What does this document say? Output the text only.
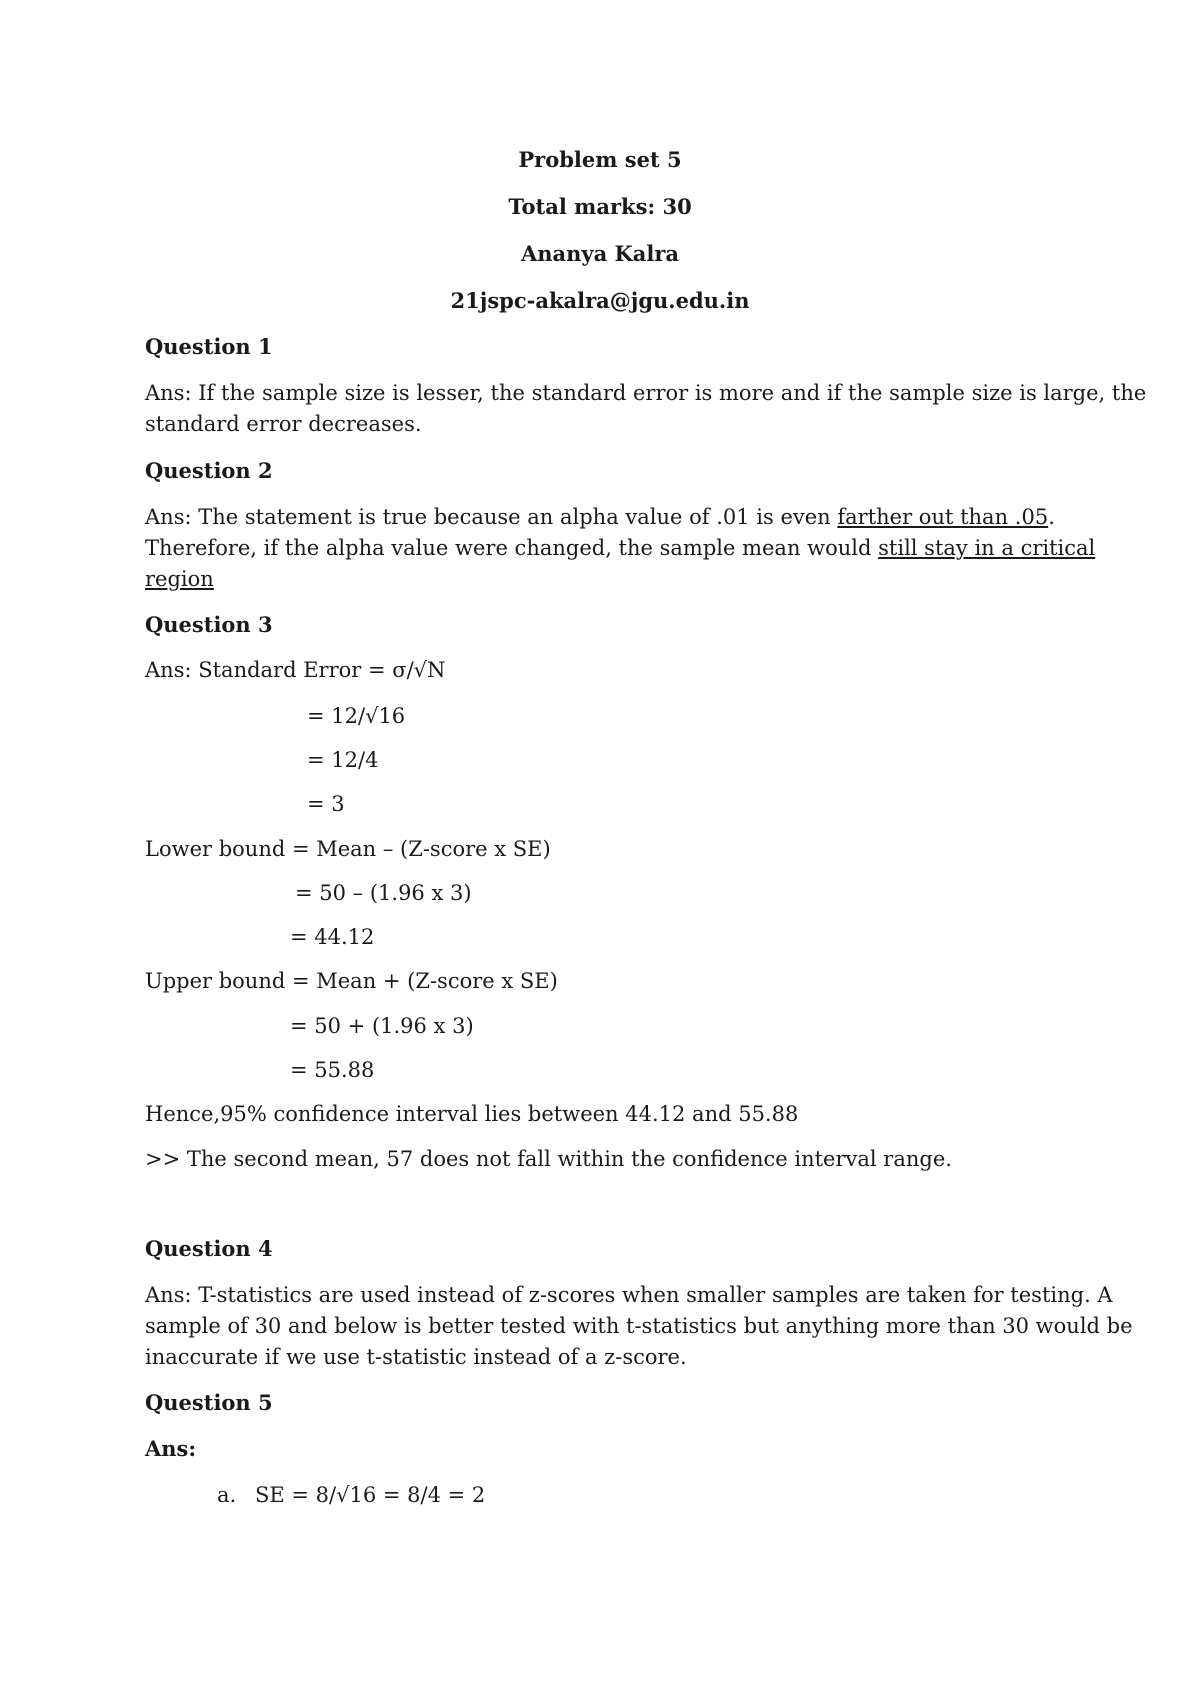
Problem set 5
Total marks: 30
Ananya Kalra
21jspc-akalra@jgu.edu.in
Question 1
Ans: If the sample size is lesser, the standard error is more and if the sample size is large, the
standard error decreases.
Question 2
Ans: The statement is true because an alpha value of .01 is even farther out than .05.
Therefore, if the alpha value were changed, the sample mean would still stay in a critical
region
Question 3
Ans: Standard Error = σ/√N
= 12/√16
= 12/4
= 3
Lower bound = Mean – (Z-score x SE)
= 50 – (1.96 x 3)
= 44.12
Upper bound = Mean + (Z-score x SE)
= 50 + (1.96 x 3)
= 55.88
Hence,95% confidence interval lies between 44.12 and 55.88
>> The second mean, 57 does not fall within the confidence interval range.
Question 4
Ans: T-statistics are used instead of z-scores when smaller samples are taken for testing. A
sample of 30 and below is better tested with t-statistics but anything more than 30 would be
inaccurate if we use t-statistic instead of a z-score.
Question 5
Ans:
a. SE = 8/√16 = 8/4 = 2
